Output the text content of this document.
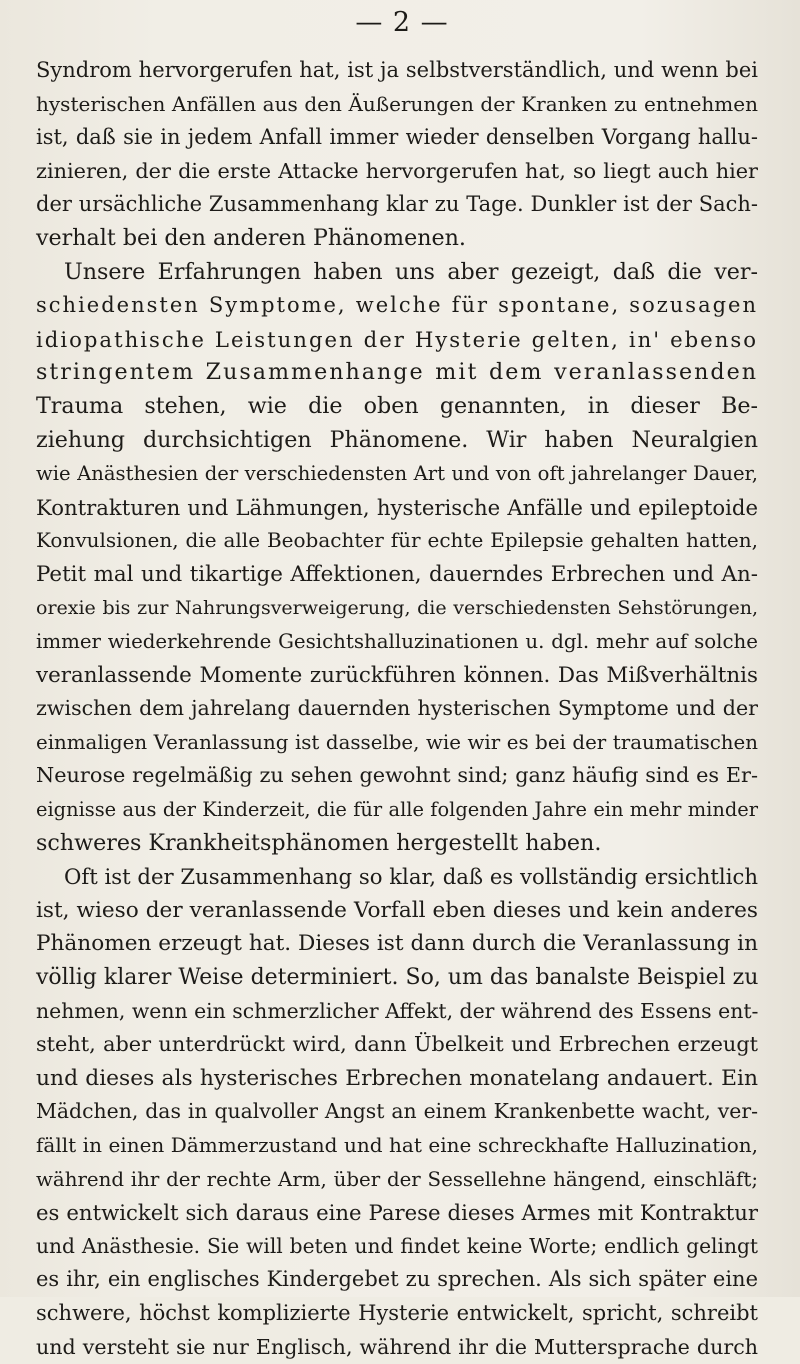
— 2 —
Syndrom hervorgerufen hat, ist ja selbstverständlich, und wenn bei
hysterischen Anfällen aus den Äußerungen der Kranken zu entnehmen
ist, daß sie in jedem Anfall immer wieder denselben Vorgang hallu-
zinieren, der die erste Attacke hervorgerufen hat, so liegt auch hier
der ursächliche Zusammenhang klar zu Tage. Dunkler ist der Sach-
verhalt bei den anderen Phänomenen.
Unsere Erfahrungen haben uns aber gezeigt, daß die ver-
schiedensten Symptome, welche für spontane, sozusagen
idiopathische Leistungen der Hysterie gelten, in' ebenso
stringentem Zusammenhange mit dem veranlassenden
Trauma stehen, wie die oben genannten, in dieser Be-
ziehung durchsichtigen Phänomene. Wir haben Neuralgien
wie Anästhesien der verschiedensten Art und von oft jahrelanger Dauer,
Kontrakturen und Lähmungen, hysterische Anfälle und epileptoide
Konvulsionen, die alle Beobachter für echte Epilepsie gehalten hatten,
Petit mal und tikartige Affektionen, dauerndes Erbrechen und An-
orexie bis zur Nahrungsverweigerung, die verschiedensten Sehstörungen,
immer wiederkehrende Gesichtshalluzinationen u. dgl. mehr auf solche
veranlassende Momente zurückführen können. Das Mißverhältnis
zwischen dem jahrelang dauernden hysterischen Symptome und der
einmaligen Veranlassung ist dasselbe, wie wir es bei der traumatischen
Neurose regelmäßig zu sehen gewohnt sind; ganz häufig sind es Er-
eignisse aus der Kinderzeit, die für alle folgenden Jahre ein mehr minder
schweres Krankheitsphänomen hergestellt haben.
Oft ist der Zusammenhang so klar, daß es vollständig ersichtlich
ist, wieso der veranlassende Vorfall eben dieses und kein anderes
Phänomen erzeugt hat. Dieses ist dann durch die Veranlassung in
völlig klarer Weise determiniert. So, um das banalste Beispiel zu
nehmen, wenn ein schmerzlicher Affekt, der während des Essens ent-
steht, aber unterdrückt wird, dann Übelkeit und Erbrechen erzeugt
und dieses als hysterisches Erbrechen monatelang andauert. Ein
Mädchen, das in qualvoller Angst an einem Krankenbette wacht, ver-
fällt in einen Dämmerzustand und hat eine schreckhafte Halluzination,
während ihr der rechte Arm, über der Sessellehne hängend, einschläft;
es entwickelt sich daraus eine Parese dieses Armes mit Kontraktur
und Anästhesie. Sie will beten und findet keine Worte; endlich gelingt
es ihr, ein englisches Kindergebet zu sprechen. Als sich später eine
schwere, höchst komplizierte Hysterie entwickelt, spricht, schreibt
und versteht sie nur Englisch, während ihr die Muttersprache durch
